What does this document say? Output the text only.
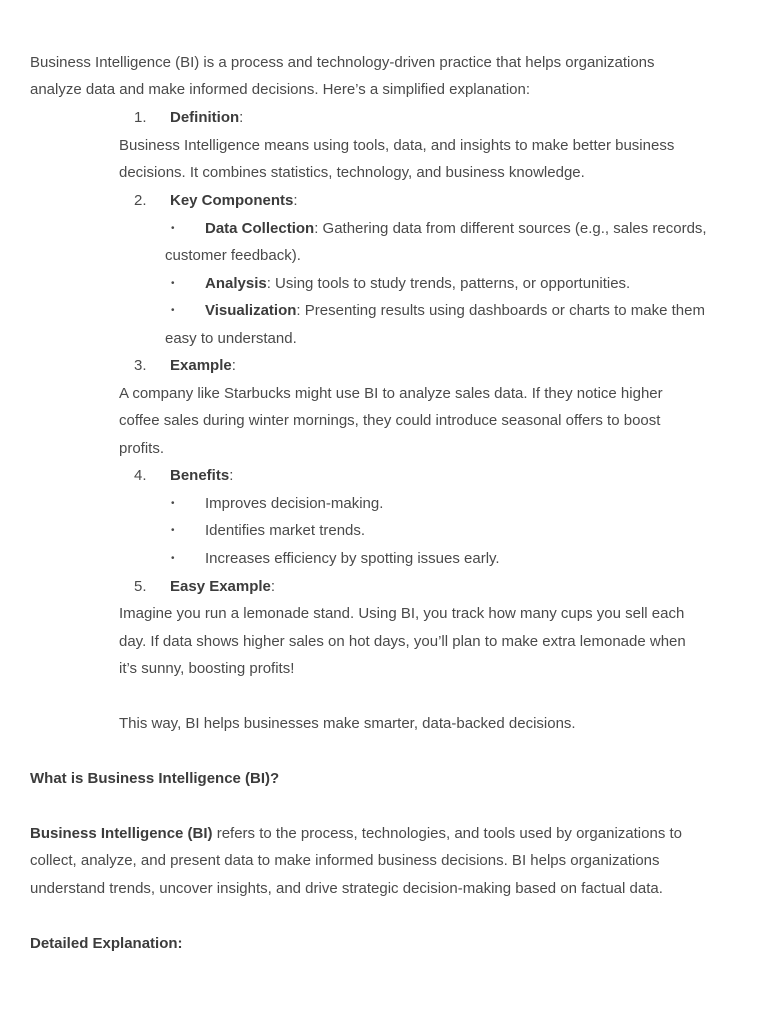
Business Intelligence (BI) is a process and technology-driven practice that helps organizations
analyze data and make informed decisions. Here’s a simplified explanation:
1. Definition:
Business Intelligence means using tools, data, and insights to make better business
decisions. It combines statistics, technology, and business knowledge.
2. Key Components:
• Data Collection: Gathering data from different sources (e.g., sales records,
customer feedback).
• Analysis: Using tools to study trends, patterns, or opportunities.
• Visualization: Presenting results using dashboards or charts to make them
easy to understand.
3. Example:
A company like Starbucks might use BI to analyze sales data. If they notice higher
coffee sales during winter mornings, they could introduce seasonal offers to boost
profits.
4. Benefits:
• Improves decision-making.
• Identifies market trends.
• Increases efficiency by spotting issues early.
5. Easy Example:
Imagine you run a lemonade stand. Using BI, you track how many cups you sell each
day. If data shows higher sales on hot days, you’ll plan to make extra lemonade when
it’s sunny, boosting profits!
This way, BI helps businesses make smarter, data-backed decisions.
What is Business Intelligence (BI)?
Business Intelligence (BI) refers to the process, technologies, and tools used by organizations to
collect, analyze, and present data to make informed business decisions. BI helps organizations
understand trends, uncover insights, and drive strategic decision-making based on factual data.
Detailed Explanation:
